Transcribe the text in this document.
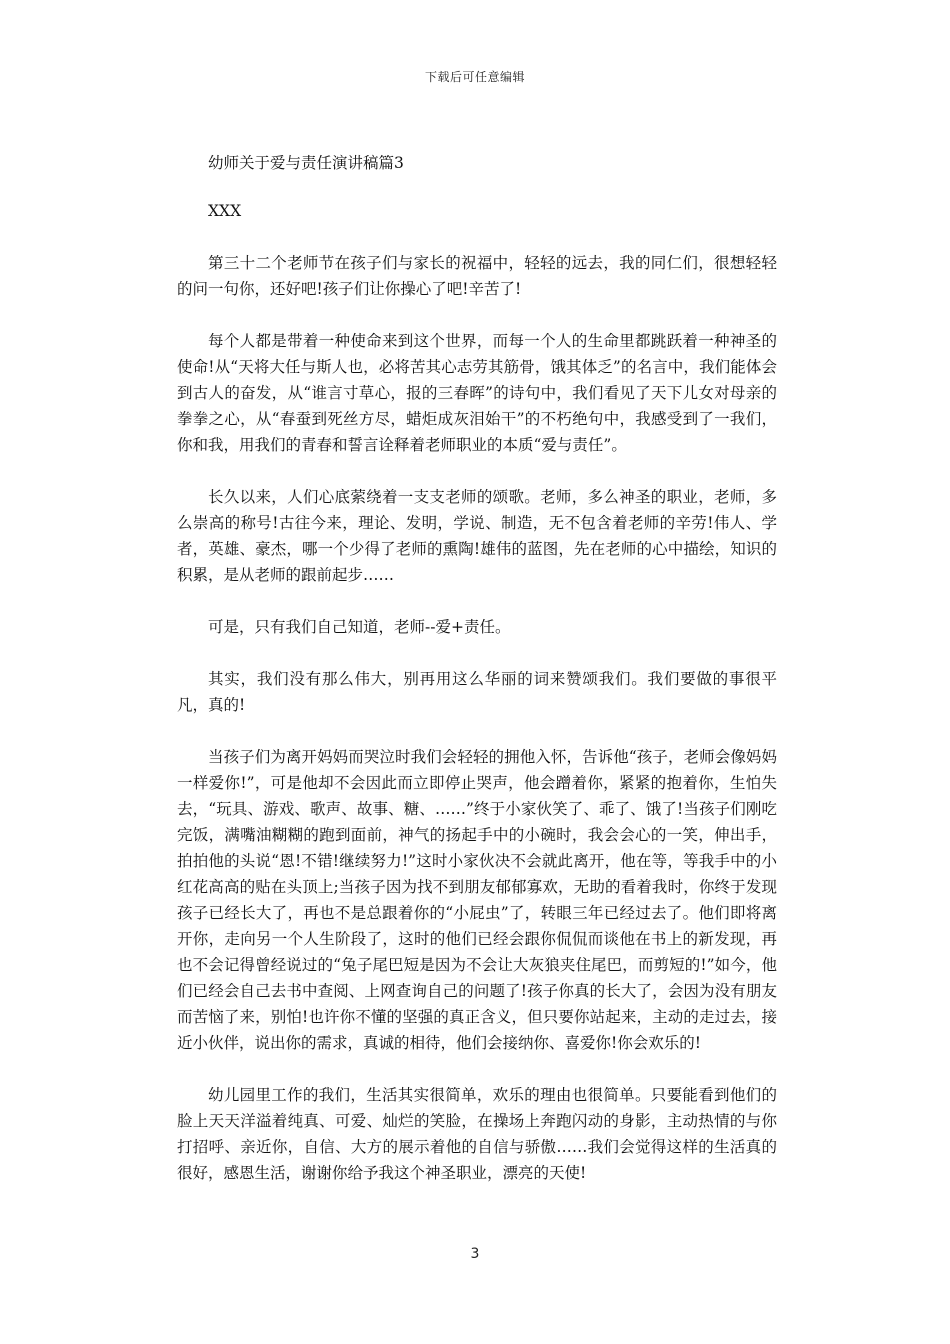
下载后可任意编辑

幼师关于爱与责任演讲稿篇3

XXX

第三十二个老师节在孩子们与家长的祝福中，轻轻的远去，我的同仁们，很想轻轻的问一句你，还好吧!孩子们让你操心了吧!辛苦了!

每个人都是带着一种使命来到这个世界，而每一个人的生命里都跳跃着一种神圣的使命!从“天将大任与斯人也，必将苦其心志劳其筋骨，饿其体乏”的名言中，我们能体会到古人的奋发，从“谁言寸草心，报的三春晖”的诗句中，我们看见了天下儿女对母亲的拳拳之心，从“春蚕到死丝方尽，蜡炬成灰泪始干”的不朽绝句中，我感受到了一我们，你和我，用我们的青春和誓言诠释着老师职业的本质“爱与责任”。

长久以来，人们心底萦绕着一支支老师的颂歌。老师，多么神圣的职业，老师，多么崇高的称号!古往今来，理论、发明，学说、制造，无不包含着老师的辛劳!伟人、学者，英雄、豪杰，哪一个少得了老师的熏陶!雄伟的蓝图，先在老师的心中描绘，知识的积累，是从老师的跟前起步……

可是，只有我们自己知道，老师--爱+责任。

其实，我们没有那么伟大，别再用这么华丽的词来赞颂我们。我们要做的事很平凡，真的!

当孩子们为离开妈妈而哭泣时我们会轻轻的拥他入怀，告诉他“孩子，老师会像妈妈一样爱你!”，可是他却不会因此而立即停止哭声，他会蹭着你，紧紧的抱着你，生怕失去，“玩具、游戏、歌声、故事、糖、……”终于小家伙笑了、乖了、饿了!当孩子们刚吃完饭，满嘴油糊糊的跑到面前，神气的扬起手中的小碗时，我会会心的一笑，伸出手，拍拍他的头说“恩!不错!继续努力!”这时小家伙决不会就此离开，他在等，等我手中的小红花高高的贴在头顶上;当孩子因为找不到朋友郁郁寡欢，无助的看着我时，你终于发现孩子已经长大了，再也不是总跟着你的“小屁虫”了，转眼三年已经过去了。他们即将离开你，走向另一个人生阶段了，这时的他们已经会跟你侃侃而谈他在书上的新发现，再也不会记得曾经说过的“兔子尾巴短是因为不会让大灰狼夹住尾巴，而剪短的!”如今，他们已经会自己去书中查阅、上网查询自己的问题了!孩子你真的长大了，会因为没有朋友而苦恼了来，别怕!也许你不懂的坚强的真正含义，但只要你站起来，主动的走过去，接近小伙伴，说出你的需求，真诚的相待，他们会接纳你、喜爱你!你会欢乐的!

幼儿园里工作的我们，生活其实很简单，欢乐的理由也很简单。只要能看到他们的脸上天天洋溢着纯真、可爱、灿烂的笑脸，在操场上奔跑闪动的身影，主动热情的与你打招呼、亲近你，自信、大方的展示着他的自信与骄傲……我们会觉得这样的生活真的很好，感恩生活，谢谢你给予我这个神圣职业，漂亮的天使!

3
